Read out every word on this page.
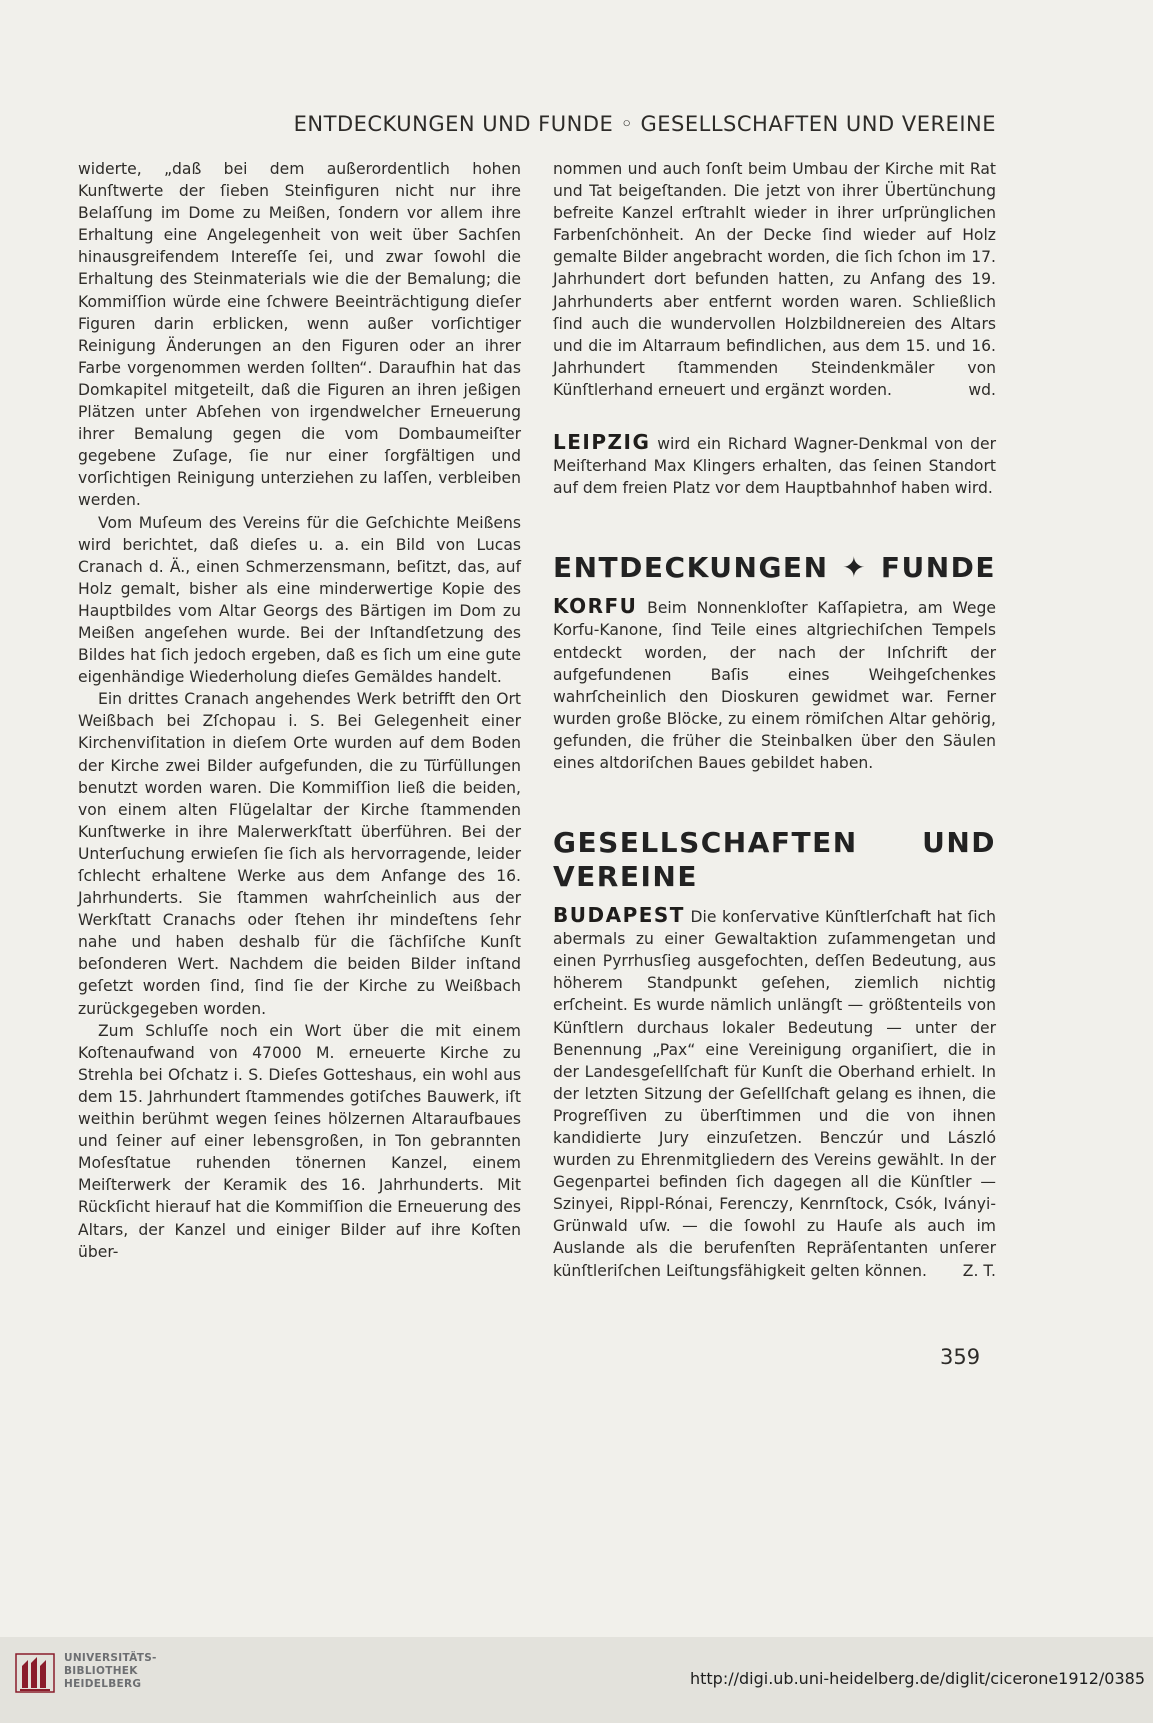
ENTDECKUNGEN UND FUNDE ◦ GESELLSCHAFTEN UND VEREINE

widerte, „daß bei dem außerordentlich hohen Kunſtwerte der ſieben Steinfiguren nicht nur ihre Belaſſung im Dome zu Meißen, ſondern vor allem ihre Erhaltung eine Angelegenheit von weit über Sachſen hinausgreifendem Intereſſe ſei, und zwar ſowohl die Erhaltung des Steinmaterials wie die der Bemalung; die Kommiſſion würde eine ſchwere Beeinträchtigung dieſer Figuren darin erblicken, wenn außer vorſichtiger Reinigung Änderungen an den Figuren oder an ihrer Farbe vorgenommen werden ſollten“. Daraufhin hat das Domkapitel mitgeteilt, daß die Figuren an ihren jeßigen Plätzen unter Abſehen von irgendwelcher Erneuerung ihrer Bemalung gegen die vom Dombaumeiſter gegebene Zuſage, ſie nur einer ſorgfältigen und vorſichtigen Reinigung unterziehen zu laſſen, verbleiben werden.

Vom Muſeum des Vereins für die Geſchichte Meißens wird berichtet, daß dieſes u. a. ein Bild von Lucas Cranach d. Ä., einen Schmerzensmann, beſitzt, das, auf Holz gemalt, bisher als eine minderwertige Kopie des Hauptbildes vom Altar Georgs des Bärtigen im Dom zu Meißen angeſehen wurde. Bei der Inſtandſetzung des Bildes hat ſich jedoch ergeben, daß es ſich um eine gute eigenhändige Wiederholung dieſes Gemäldes handelt.

Ein drittes Cranach angehendes Werk betrifft den Ort Weißbach bei Zſchopau i. S. Bei Gelegenheit einer Kirchenviſitation in dieſem Orte wurden auf dem Boden der Kirche zwei Bilder aufgefunden, die zu Türfüllungen benutzt worden waren. Die Kommiſſion ließ die beiden, von einem alten Flügelaltar der Kirche ſtammenden Kunſtwerke in ihre Malerwerkſtatt überführen. Bei der Unterſuchung erwieſen ſie ſich als hervorragende, leider ſchlecht erhaltene Werke aus dem Anfange des 16. Jahrhunderts. Sie ſtammen wahrſcheinlich aus der Werkſtatt Cranachs oder ſtehen ihr mindeſtens ſehr nahe und haben deshalb für die ſächſiſche Kunſt beſonderen Wert. Nachdem die beiden Bilder inſtand geſetzt worden ſind, ſind ſie der Kirche zu Weißbach zurückgegeben worden.

Zum Schluſſe noch ein Wort über die mit einem Koſtenaufwand von 47000 M. erneuerte Kirche zu Strehla bei Oſchatz i. S. Dieſes Gotteshaus, ein wohl aus dem 15. Jahrhundert ſtammendes gotiſches Bauwerk, iſt weithin berühmt wegen ſeines hölzernen Altaraufbaues und ſeiner auf einer lebensgroßen, in Ton gebrannten Moſesſtatue ruhenden tönernen Kanzel, einem Meiſterwerk der Keramik des 16. Jahrhunderts. Mit Rückſicht hierauf hat die Kommiſſion die Erneuerung des Altars, der Kanzel und einiger Bilder auf ihre Koſten über-

nommen und auch ſonſt beim Umbau der Kirche mit Rat und Tat beigeſtanden. Die jetzt von ihrer Übertünchung befreite Kanzel erſtrahlt wieder in ihrer urſprünglichen Farbenſchönheit. An der Decke ſind wieder auf Holz gemalte Bilder angebracht worden, die ſich ſchon im 17. Jahrhundert dort befunden hatten, zu Anfang des 19. Jahrhunderts aber entfernt worden waren. Schließlich ſind auch die wundervollen Holzbildnereien des Altars und die im Altarraum befindlichen, aus dem 15. und 16. Jahrhundert ſtammenden Steindenkmäler von Künſtlerhand erneuert und ergänzt worden.	wd.

LEIPZIG wird ein Richard Wagner-Denkmal von der Meiſterhand Max Klingers erhalten, das ſeinen Standort auf dem freien Platz vor dem Hauptbahnhof haben wird.

ENTDECKUNGEN ✦ FUNDE

KORFU Beim Nonnenkloſter Kaſſapietra, am Wege Korfu-Kanone, ſind Teile eines altgriechiſchen Tempels entdeckt worden, der nach der Inſchrift der aufgefundenen Baſis eines Weihgeſchenkes wahrſcheinlich den Dioskuren gewidmet war. Ferner wurden große Blöcke, zu einem römiſchen Altar gehörig, gefunden, die früher die Steinbalken über den Säulen eines altdoriſchen Baues gebildet haben.

GESELLSCHAFTEN UND VEREINE

BUDAPEST Die konſervative Künſtlerſchaft hat ſich abermals zu einer Gewaltaktion zuſammengetan und einen Pyrrhusſieg ausgefochten, deſſen Bedeutung, aus höherem Standpunkt geſehen, ziemlich nichtig erſcheint. Es wurde nämlich unlängſt — größtenteils von Künſtlern durchaus lokaler Bedeutung — unter der Benennung „Pax“ eine Vereinigung organiſiert, die in der Landesgeſellſchaft für Kunſt die Oberhand erhielt. In der letzten Sitzung der Geſellſchaft gelang es ihnen, die Progreſſiven zu überſtimmen und die von ihnen kandidierte Jury einzuſetzen. Benczúr und László wurden zu Ehrenmitgliedern des Vereins gewählt. In der Gegenpartei befinden ſich dagegen all die Künſtler — Szinyei, Rippl-Rónai, Ferenczy, Kenrnſtock, Csók, Iványi-Grünwald uſw. — die ſowohl zu Hauſe als auch im Auslande als die berufenſten Repräſentanten unſerer künſtleriſchen Leiſtungsfähigkeit gelten können. Z. T.

359
UNIVERSITÄTS-
BIBLIOTHEK
HEIDELBERG	http://digi.ub.uni-heidelberg.de/diglit/cicerone1912/0385
